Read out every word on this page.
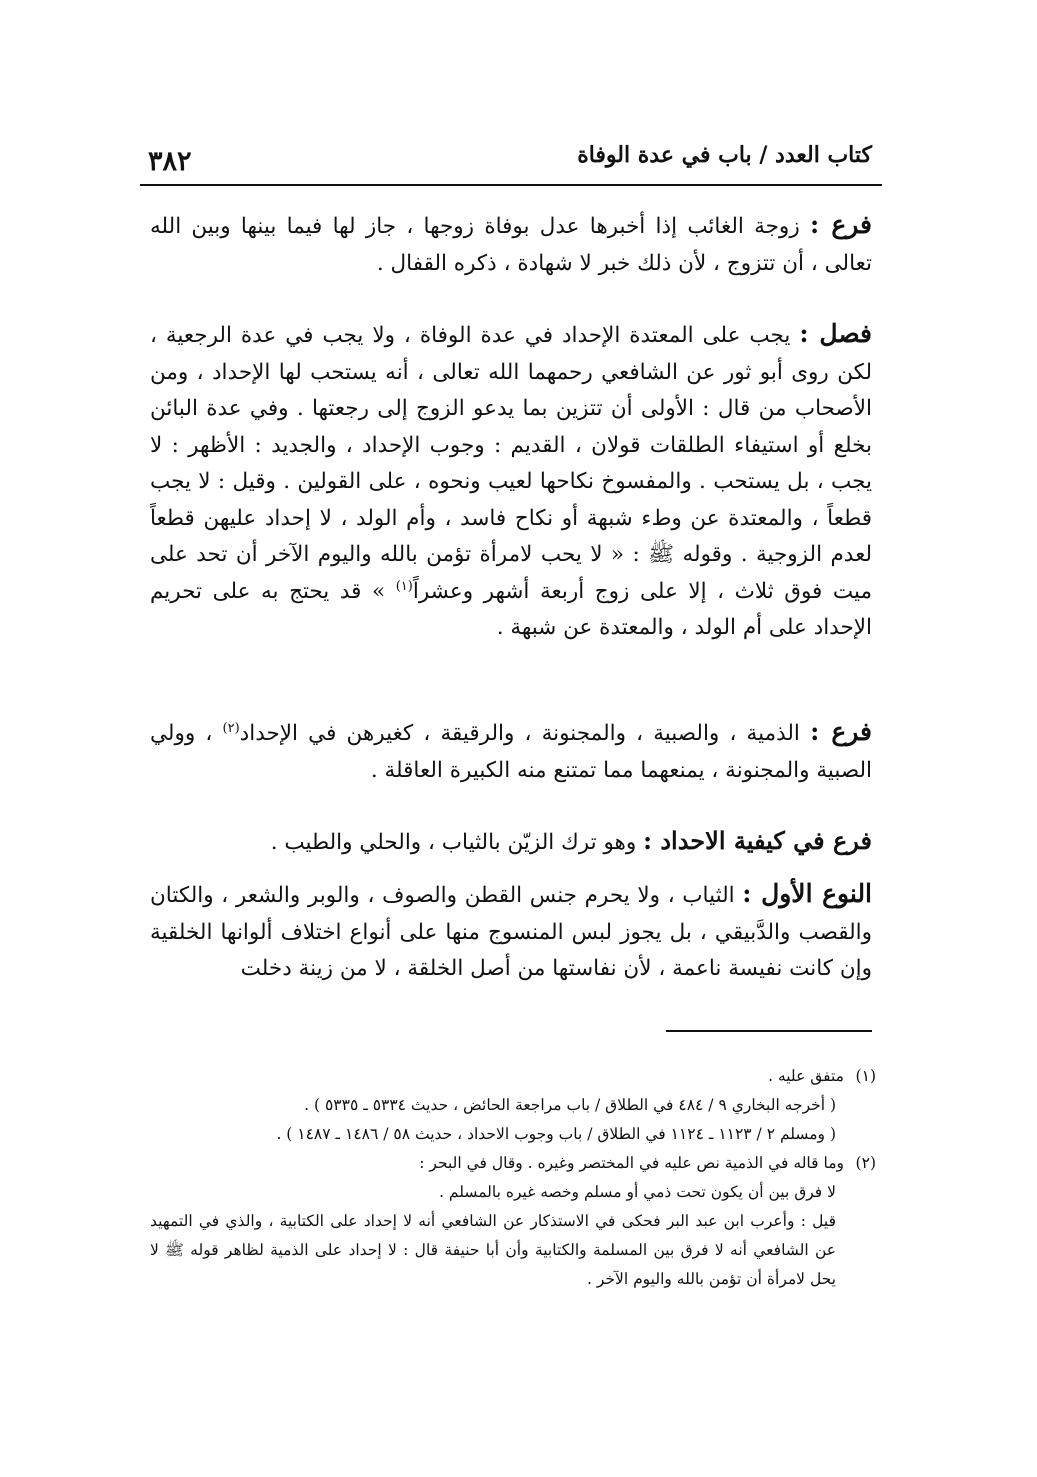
٣٨٢	كتاب العدد / باب في عدة الوفاة

فرع : زوجة الغائب إذا أخبرها عدل بوفاة زوجها ، جاز لها فيما بينها وبين الله تعالى ، أن تتزوج ، لأن ذلك خبر لا شهادة ، ذكره القفال .

فصل : يجب على المعتدة الإحداد في عدة الوفاة ، ولا يجب في عدة الرجعية ، لكن روى أبو ثور عن الشافعي رحمهما الله تعالى ، أنه يستحب لها الإحداد ، ومن الأصحاب من قال : الأولى أن تتزين بما يدعو الزوج إلى رجعتها . وفي عدة البائن بخلع أو استيفاء الطلقات قولان ، القديم : وجوب الإحداد ، والجديد : الأظهر : لا يجب ، بل يستحب . والمفسوخ نكاحها لعيب ونحوه ، على القولين . وقيل : لا يجب قطعاً ، والمعتدة عن وطء شبهة أو نكاح فاسد ، وأم الولد ، لا إحداد عليهن قطعاً لعدم الزوجية . وقوله ﷺ : « لا يحب لامرأة تؤمن بالله واليوم الآخر أن تحد على ميت فوق ثلاث ، إلا على زوج أربعة أشهر وعشراً$^{(١)}$ » قد يحتج به على تحريم الإحداد على أم الولد ، والمعتدة عن شبهة .

فرع : الذمية ، والصبية ، والمجنونة ، والرقيقة ، كغيرهن في الإحداد$^{(٢)}$ ، وولي الصبية والمجنونة ، يمنعهما مما تمتنع منه الكبيرة العاقلة .

فرع في كيفية الاحداد : وهو ترك الزيّن بالثياب ، والحلي والطيب .

النوع الأول : الثياب ، ولا يحرم جنس القطن والصوف ، والوبر والشعر ، والكتان والقصب والدَّبيقي ، بل يجوز لبس المنسوج منها على أنواع اختلاف ألوانها الخلقية وإن كانت نفيسة ناعمة ، لأن نفاستها من أصل الخلقة ، لا من زينة دخلت

(١)متفق عليه .

( أخرجه البخاري ٩ / ٤٨٤ في الطلاق / باب مراجعة الحائض ، حديث ٥٣٣٤ ـ ٥٣٣٥ ) .

( ومسلم ٢ / ١١٢٣ ـ ١١٢٤ في الطلاق / باب وجوب الاحداد ، حديث ٥٨ / ١٤٨٦ ـ ١٤٨٧ ) .

(٢)وما قاله في الذمية نص عليه في المختصر وغيره . وقال في البحر :

لا فرق بين أن يكون تحت ذمي أو مسلم وخصه غيره بالمسلم .

قيل : وأعرب ابن عبد البر فحكى في الاستذكار عن الشافعي أنه لا إحداد على الكتابية ، والذي في التمهيد عن الشافعي أنه لا فرق بين المسلمة والكتابية وأن أبا حنيفة قال : لا إحداد على الذمية لظاهر قوله ﷺ لا يحل لامرأة أن تؤمن بالله واليوم الآخر .
